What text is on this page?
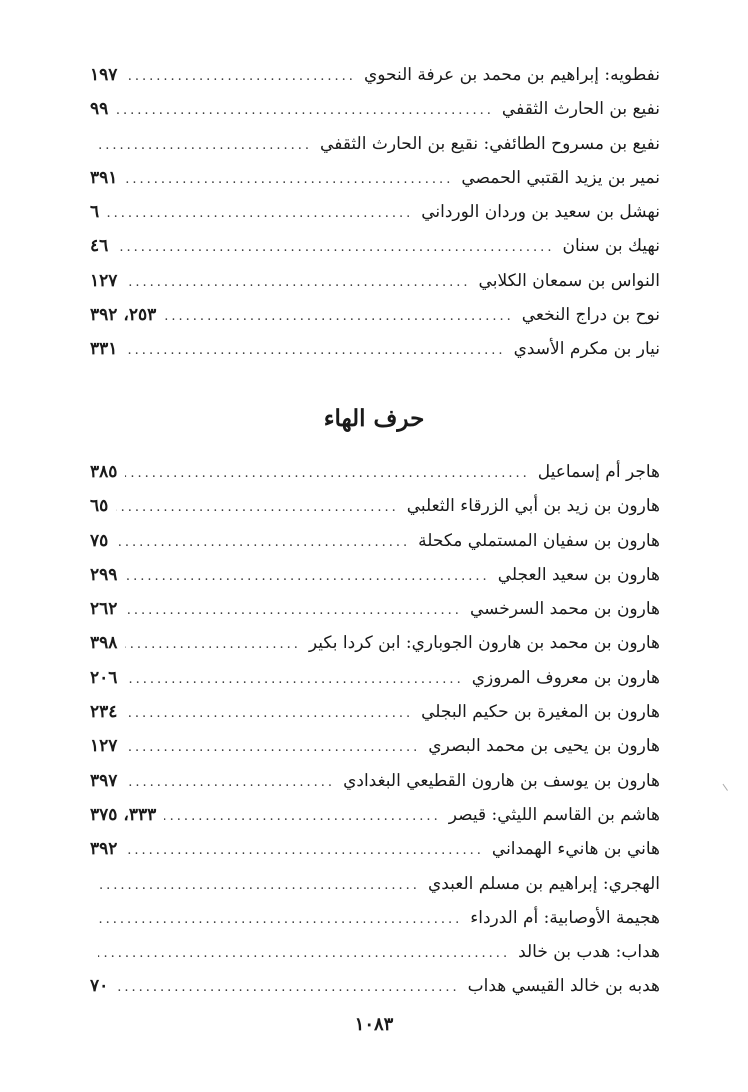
نفطويه: إبراهيم بن محمد بن عرفة النحوي
.....
١٩٧
نفيع بن الحارث الثقفي
.....
٩٩
نفيع بن مسروح الطائفي: نقيع بن الحارث الثقفي
.....
نمير بن يزيد القتبي الحمصي
.....
٣٩١
نهشل بن سعيد بن وردان الورداني
.....
٦
نهيك بن سنان
.....
٤٦
النواس بن سمعان الكلابي
.....
١٢٧
نوح بن دراج النخعي
.....
٢٥٣، ٣٩٢
نيار بن مكرم الأسدي
.....
٣٣١
حرف الهاء
هاجر أم إسماعيل
.....
٣٨٥
هارون بن زيد بن أبي الزرقاء الثعلبي
.....
٦٥
هارون بن سفيان المستملي مكحلة
.....
٧٥
هارون بن سعيد العجلي
.....
٢٩٩
هارون بن محمد السرخسي
.....
٢٦٢
هارون بن محمد بن هارون الجوباري: ابن كردا بكير
.....
٣٩٨
هارون بن معروف المروزي
.....
٢٠٦
هارون بن المغيرة بن حكيم البجلي
.....
٢٣٤
هارون بن يحيى بن محمد البصري
.....
١٢٧
هارون بن يوسف بن هارون القطيعي البغدادي
.....
٣٩٧
هاشم بن القاسم الليثي: قيصر
.....
٣٣٣، ٣٧٥
هاني بن هانيء الهمداني
.....
٣٩٢
الهجري: إبراهيم بن مسلم العبدي
.....
هجيمة الأوصابية: أم الدرداء
.....
هداب: هدب بن خالد
.....
هدبه بن خالد القيسي هداب
.....
٧٠

١٠٨٣
